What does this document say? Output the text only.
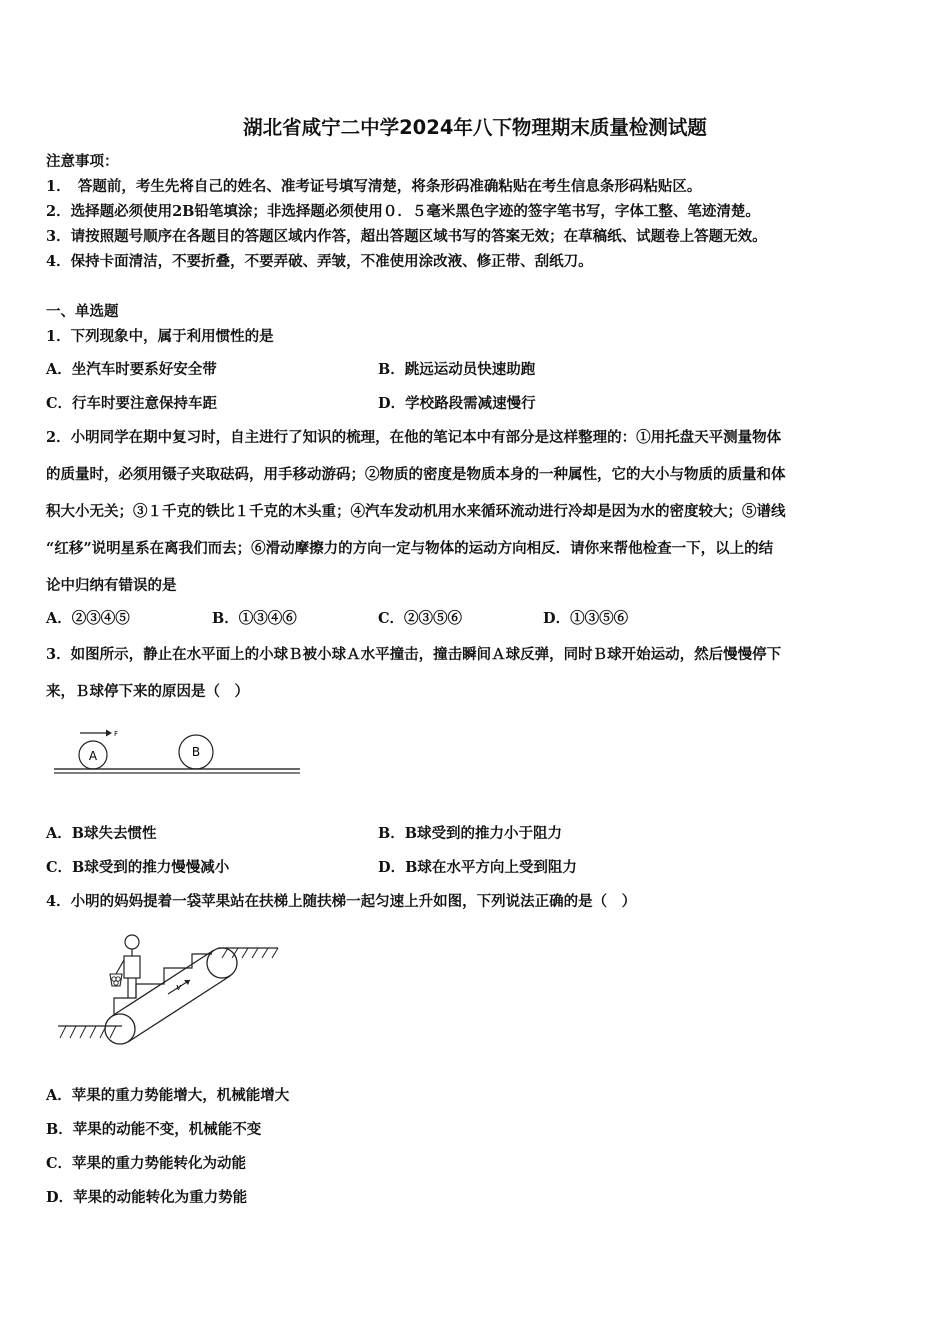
湖北省咸宁二中学2024年八下物理期末质量检测试题
注意事项：
1．　答题前，考生先将自己的姓名、准考证号填写清楚，将条形码准确粘贴在考生信息条形码粘贴区。
2．选择题必须使用2B铅笔填涂；非选择题必须使用０．５毫米黑色字迹的签字笔书写，字体工整、笔迹清楚。
3．请按照题号顺序在各题目的答题区域内作答，超出答题区域书写的答案无效；在草稿纸、试题卷上答题无效。
4．保持卡面清洁，不要折叠，不要弄破、弄皱，不准使用涂改液、修正带、刮纸刀。
一、单选题
1．下列现象中，属于利用惯性的是
A．坐汽车时要系好安全带	B．跳远运动员快速助跑
C．行车时要注意保持车距	D．学校路段需减速慢行
2．小明同学在期中复习时，自主进行了知识的梳理，在他的笔记本中有部分是这样整理的：①用托盘天平测量物体
的质量时，必须用镊子夹取砝码，用手移动游码；②物质的密度是物质本身的一种属性，它的大小与物质的质量和体
积大小无关；③１千克的铁比１千克的木头重；④汽车发动机用水来循环流动进行冷却是因为水的密度较大；⑤谱线
“红移”说明星系在离我们而去；⑥滑动摩擦力的方向一定与物体的运动方向相反．请你来帮他检查一下，以上的结
论中归纳有错误的是
A．②③④⑤	B．①③④⑥	C．②③⑤⑥	D．①③⑤⑥
3．如图所示，静止在水平面上的小球Ｂ被小球Ａ水平撞击，撞击瞬间Ａ球反弹，同时Ｂ球开始运动，然后慢慢停下
来，Ｂ球停下来的原因是（　）
A	B
F
A．B球失去惯性	B．B球受到的推力小于阻力
C．B球受到的推力慢慢减小	D．B球在水平方向上受到阻力
4．小明的妈妈提着一袋苹果站在扶梯上随扶梯一起匀速上升如图，下列说法正确的是（　）
v
A．苹果的重力势能增大，机械能增大
B．苹果的动能不变，机械能不变
C．苹果的重力势能转化为动能
D．苹果的动能转化为重力势能
